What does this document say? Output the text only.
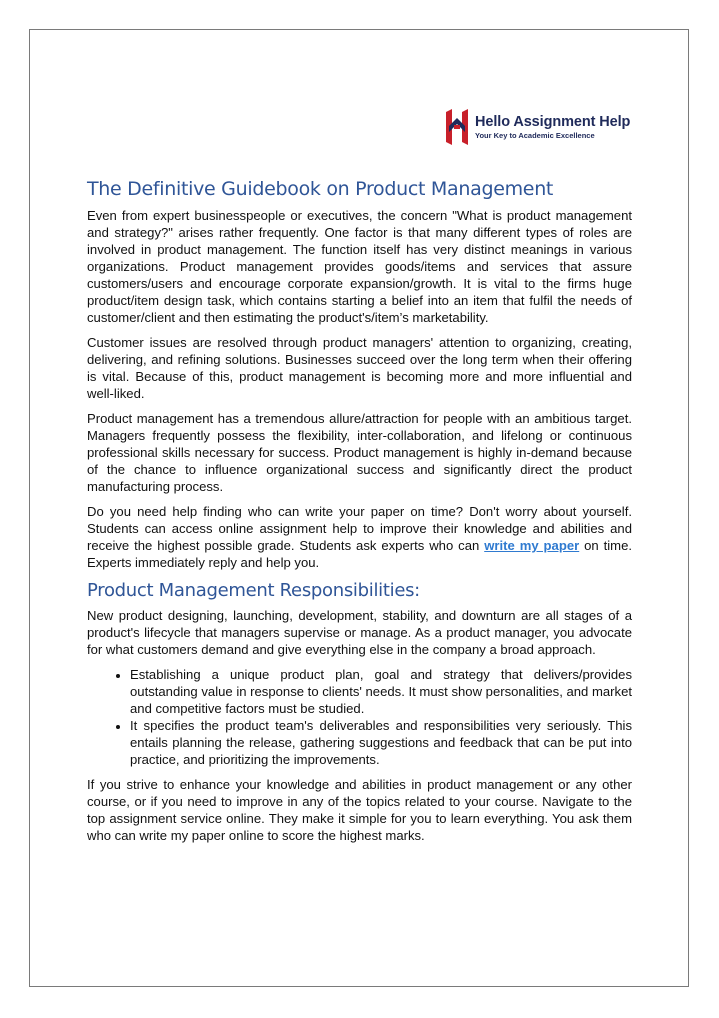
Hello Assignment Help
Your Key to Academic Excellence
The Definitive Guidebook on Product Management

Even from expert businesspeople or executives, the concern "What is product management and strategy?" arises rather frequently. One factor is that many different types of roles are involved in product management. The function itself has very distinct meanings in various organizations. Product management provides goods/items and services that assure customers/users and encourage corporate expansion/growth. It is vital to the firms huge product/item design task, which contains starting a belief into an item that fulfil the needs of customer/client and then estimating the product's/item’s marketability.

Customer issues are resolved through product managers' attention to organizing, creating, delivering, and refining solutions. Businesses succeed over the long term when their offering is vital. Because of this, product management is becoming more and more influential and well-liked.

Product management has a tremendous allure/attraction for people with an ambitious target. Managers frequently possess the flexibility, inter-collaboration, and lifelong or continuous professional skills necessary for success. Product management is highly in-demand because of the chance to influence organizational success and significantly direct the product manufacturing process.

Do you need help finding who can write your paper on time? Don't worry about yourself. Students can access online assignment help to improve their knowledge and abilities and receive the highest possible grade. Students ask experts who can write my paper on time. Experts immediately reply and help you.

Product Management Responsibilities:

New product designing, launching, development, stability, and downturn are all stages of a product's lifecycle that managers supervise or manage. As a product manager, you advocate for what customers demand and give everything else in the company a broad approach.

• Establishing a unique product plan, goal and strategy that delivers/provides outstanding value in response to clients' needs. It must show personalities, and market and competitive factors must be studied.
• It specifies the product team's deliverables and responsibilities very seriously. This entails planning the release, gathering suggestions and feedback that can be put into practice, and prioritizing the improvements.

If you strive to enhance your knowledge and abilities in product management or any other course, or if you need to improve in any of the topics related to your course. Navigate to the top assignment service online. They make it simple for you to learn everything. You ask them who can write my paper online to score the highest marks.
